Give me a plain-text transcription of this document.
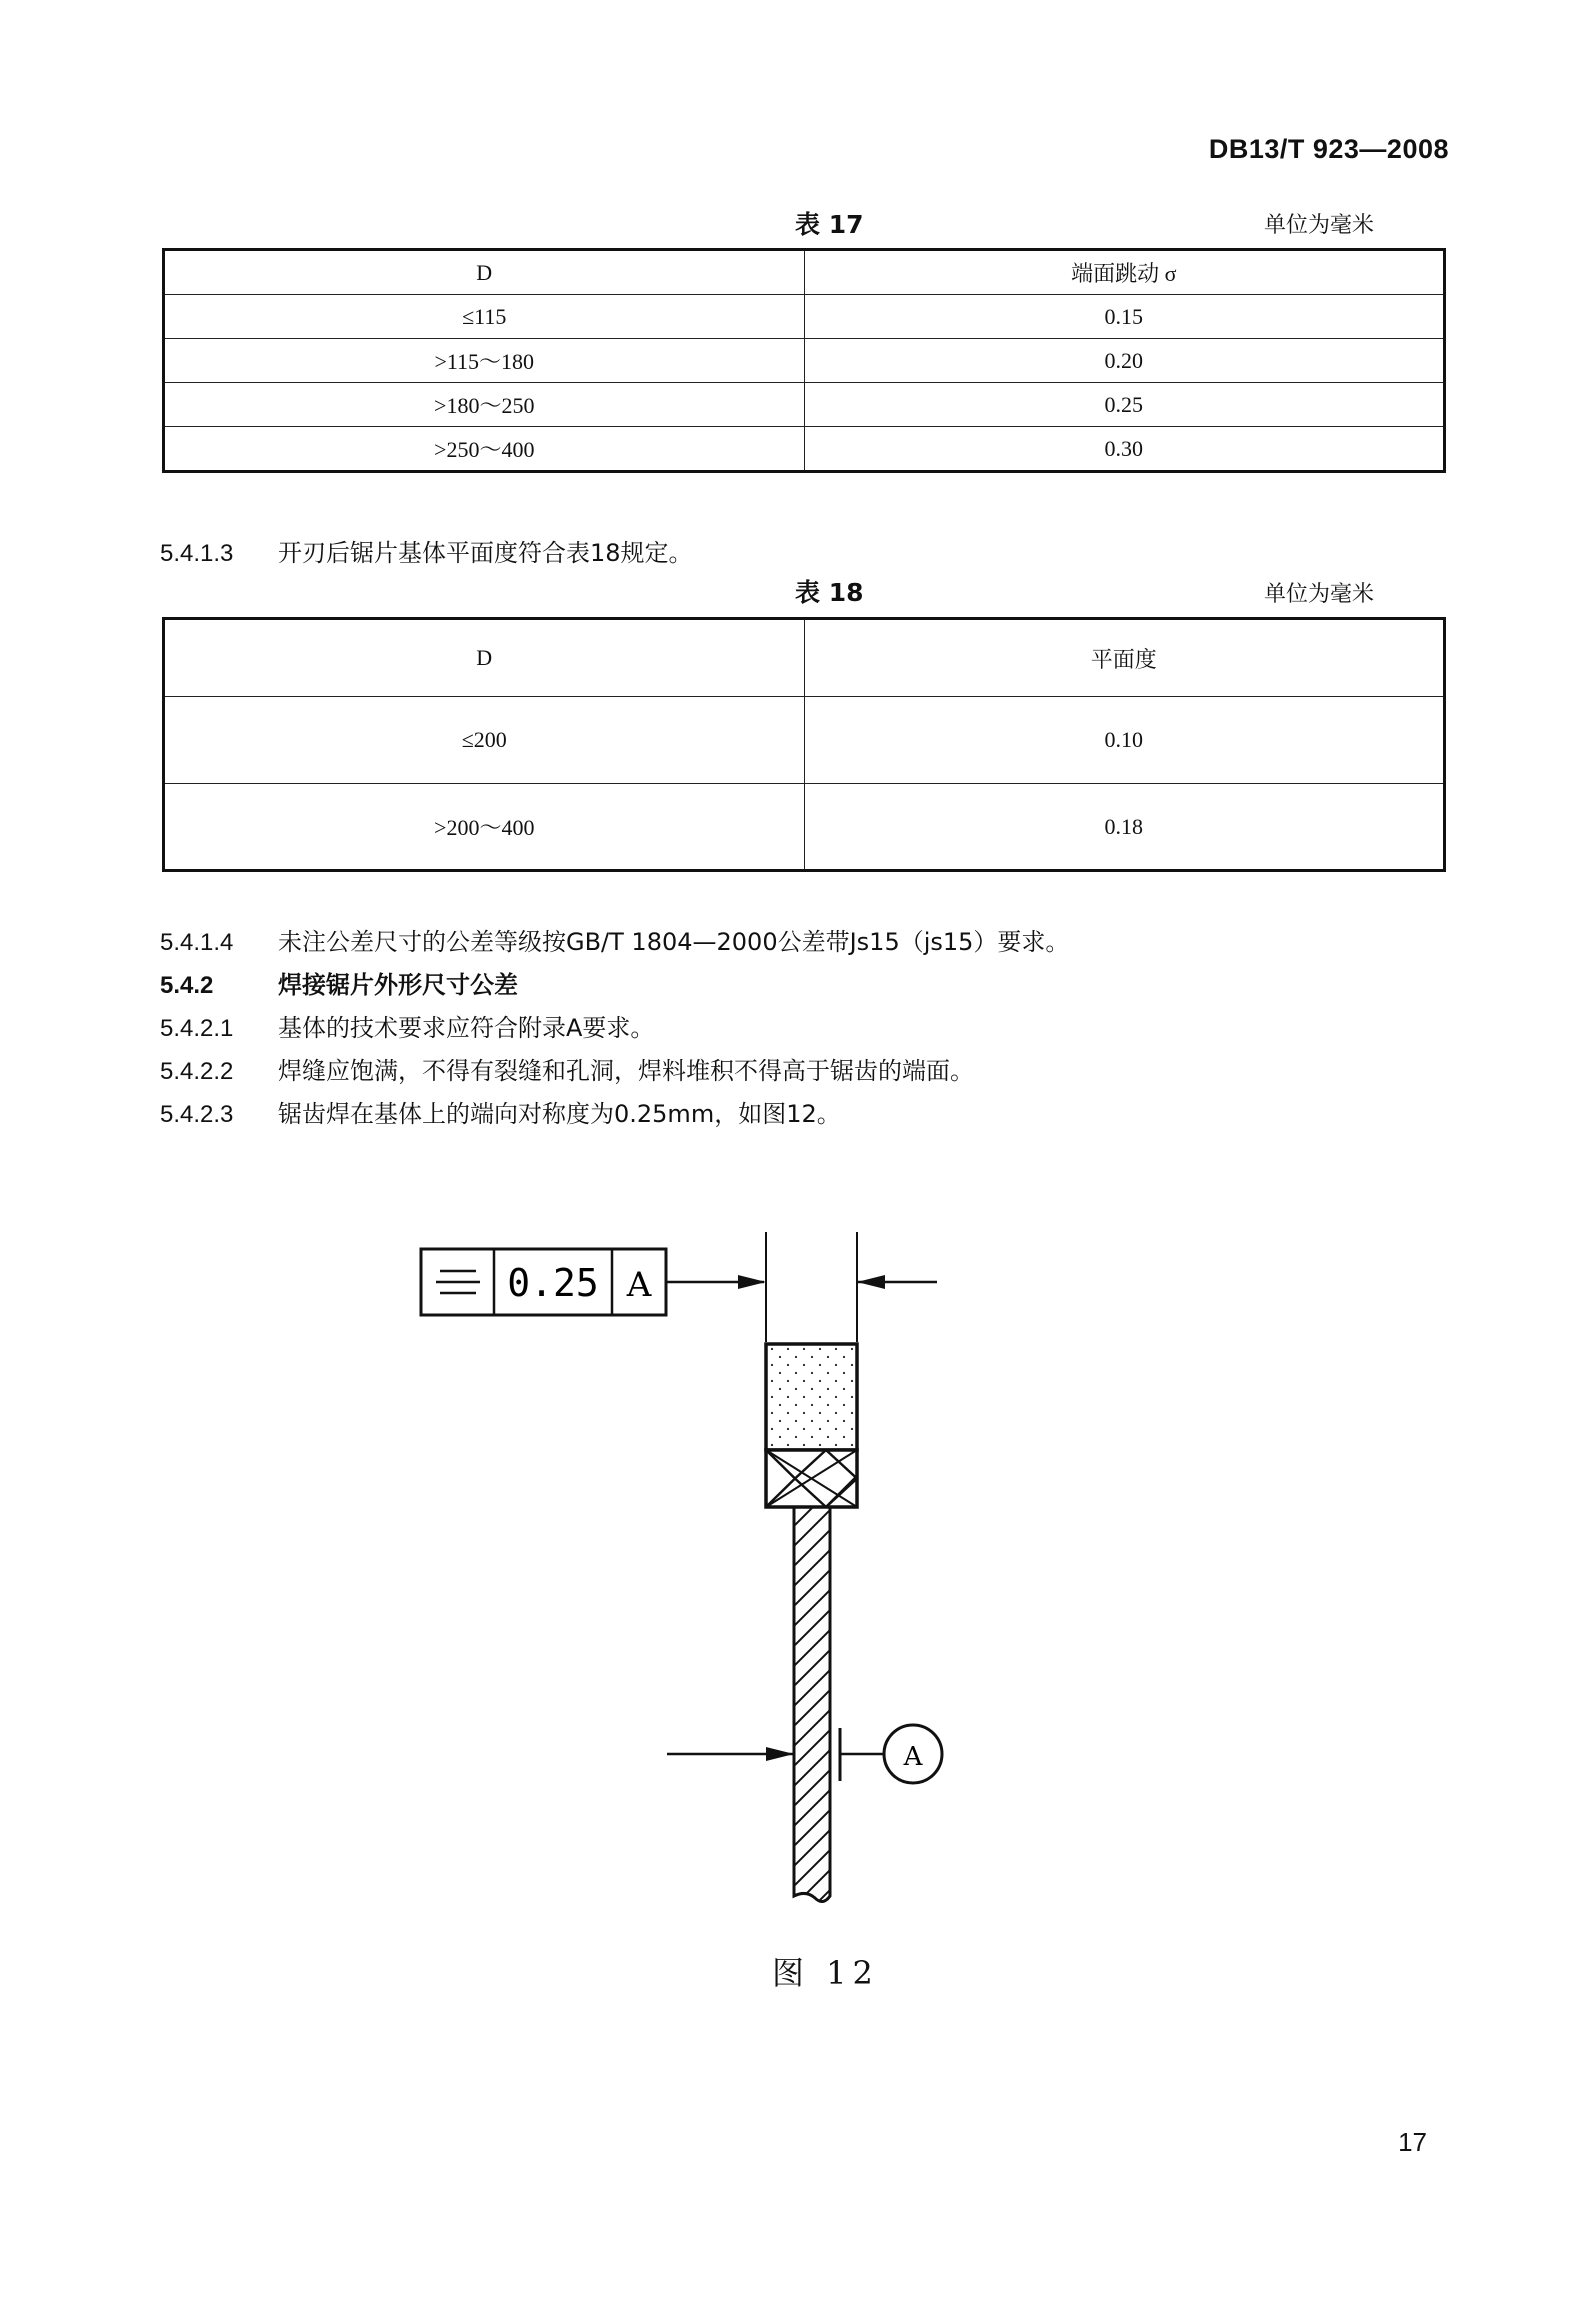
DB13/T 923—2008
表 17	单位为毫米
D	端面跳动 σ
≤115	0.15
>115～180	0.20
>180～250	0.25
>250～400	0.30
5.4.1.3 开刃后锯片基体平面度符合表18规定。
表 18	单位为毫米
D	平面度
≤200	0.10
>200～400	0.18
5.4.1.4 未注公差尺寸的公差等级按GB/T 1804—2000公差带Js15（js15）要求。
5.4.2	焊接锯片外形尺寸公差
5.4.2.1 基体的技术要求应符合附录A要求。
5.4.2.2 焊缝应饱满，不得有裂缝和孔洞，焊料堆积不得高于锯齿的端面。
5.4.2.3 锯齿焊在基体上的端向对称度为0.25mm，如图12。
0.25 A
A
图 12
17
